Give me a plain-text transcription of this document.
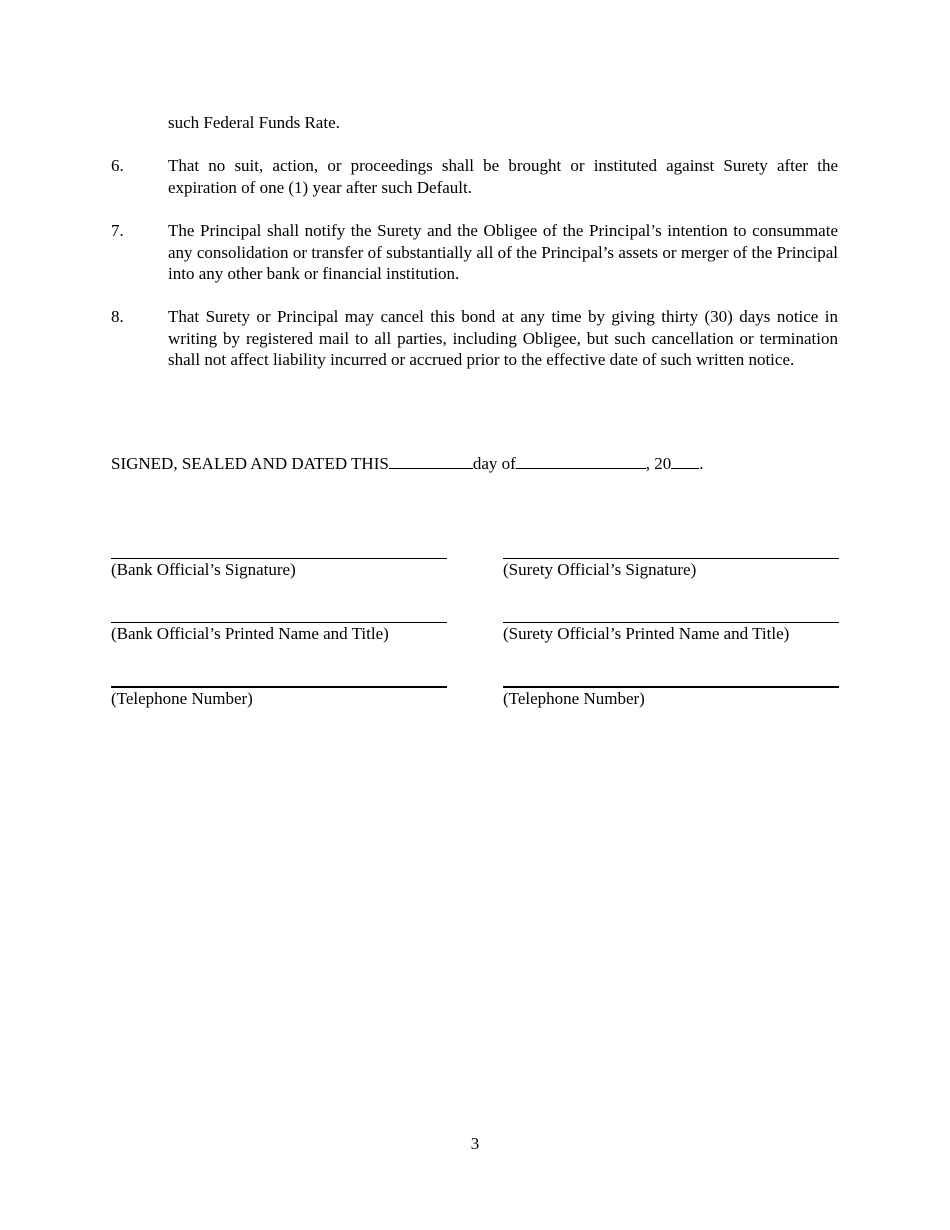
such Federal Funds Rate.
6.	That no suit, action, or proceedings shall be brought or instituted against Surety after the expiration of one (1) year after such Default.
7.	The Principal shall notify the Surety and the Obligee of the Principal’s intention to consummate any consolidation or transfer of substantially all of the Principal’s assets or merger of the Principal into any other bank or financial institution.
8.	That Surety or Principal may cancel this bond at any time by giving thirty (30) days notice in writing by registered mail to all parties, including Obligee, but such cancellation or termination shall not affect liability incurred or accrued prior to the effective date of such written notice.
SIGNED, SEALED AND DATED THIS	day of	, 20 .
(Bank Official’s Signature)	(Surety Official’s Signature)
(Bank Official’s Printed Name and Title)	(Surety Official’s Printed Name and Title)
(Telephone Number)	(Telephone Number)
3
